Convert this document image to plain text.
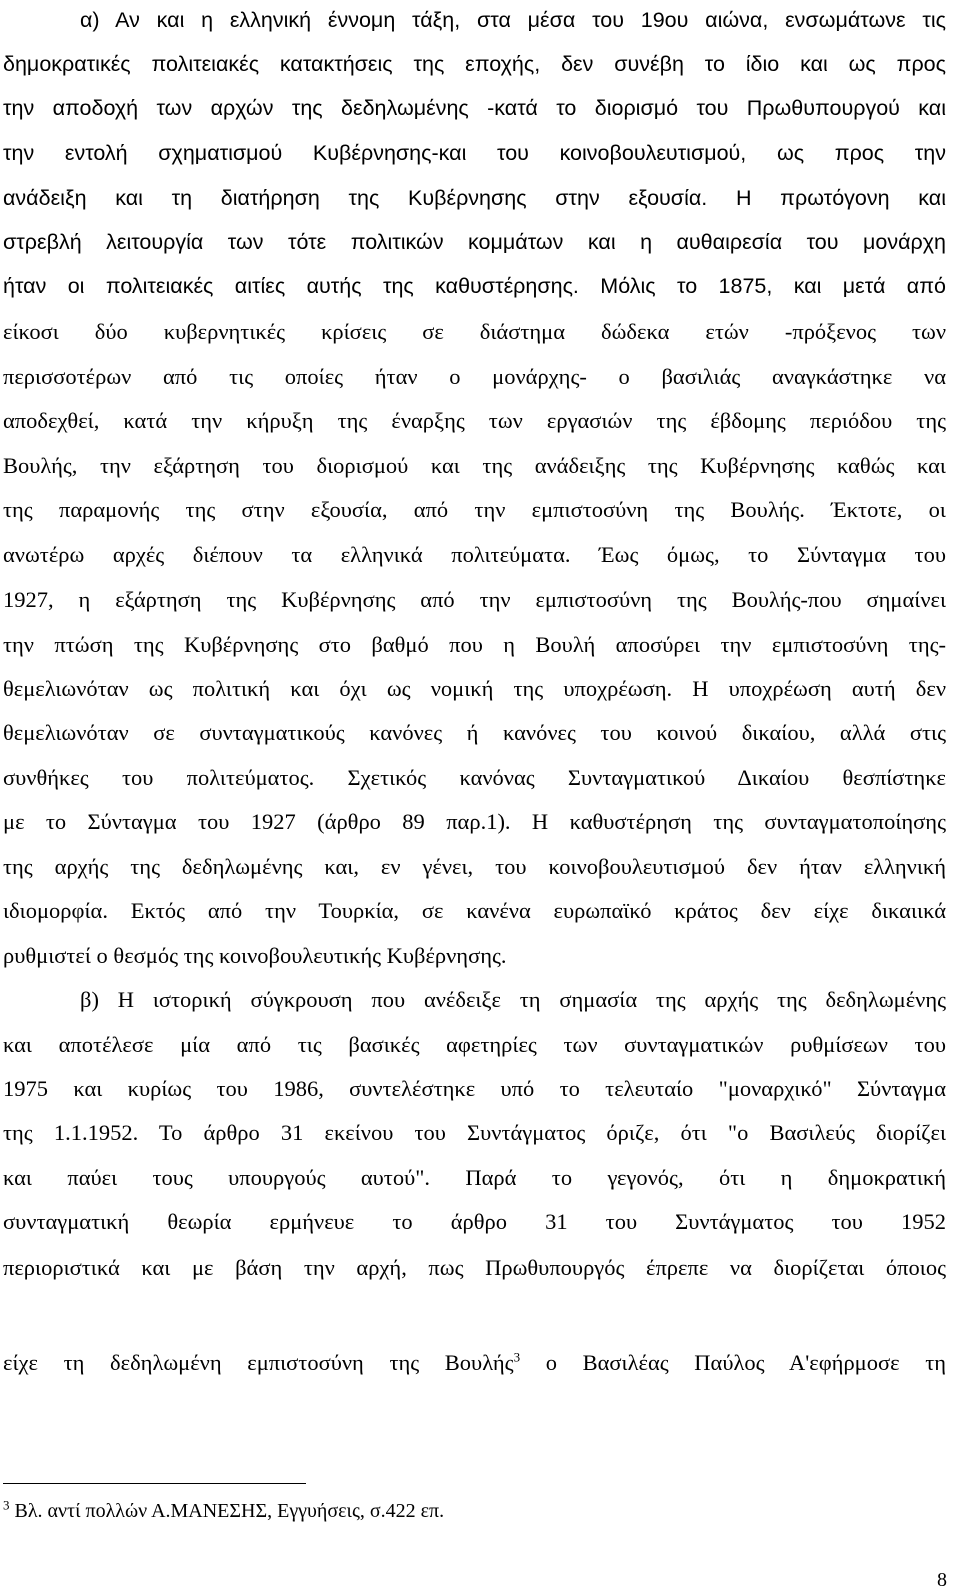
α) Αν και η ελληνική έννομη τάξη, στα μέσα του 19ου αιώνα, ενσωμάτωνε τις
δημοκρατικές πολιτειακές κατακτήσεις της εποχής, δεν συνέβη το ίδιο και ως προς
την αποδοχή των αρχών της δεδηλωμένης -κατά το διορισμό του Πρωθυπουργού και
την εντολή σχηματισμού Κυβέρνησης-και του κοινοβουλευτισμού, ως προς την
ανάδειξη και τη διατήρηση της Κυβέρνησης στην εξουσία. Η πρωτόγονη και
στρεβλή λειτουργία των τότε πολιτικών κομμάτων και η αυθαιρεσία του μονάρχη
ήταν οι πολιτειακές αιτίες αυτής της καθυστέρησης. Μόλις το 1875, και μετά από
είκοσι δύο κυβερνητικές κρίσεις σε διάστημα δώδεκα ετών -πρόξενος των
περισσοτέρων από τις οποίες ήταν ο μονάρχης- ο βασιλιάς αναγκάστηκε να
αποδεχθεί, κατά την κήρυξη της έναρξης των εργασιών της έβδομης περιόδου της
Βουλής, την εξάρτηση του διορισμού και της ανάδειξης της Κυβέρνησης καθώς και
της παραμονής της στην εξουσία, από την εμπιστοσύνη της Βουλής. Έκτοτε, οι
ανωτέρω αρχές διέπουν τα ελληνικά πολιτεύματα. Έως όμως, το Σύνταγμα του
1927, η εξάρτηση της Κυβέρνησης από την εμπιστοσύνη της Βουλής-που σημαίνει
την πτώση της Κυβέρνησης στο βαθμό που η Βουλή αποσύρει την εμπιστοσύνη της-
θεμελιωνόταν ως πολιτική και όχι ως νομική της υποχρέωση. Η υποχρέωση αυτή δεν
θεμελιωνόταν σε συνταγματικούς κανόνες ή κανόνες του κοινού δικαίου, αλλά στις
συνθήκες του πολιτεύματος. Σχετικός κανόνας Συνταγματικού Δικαίου θεσπίστηκε
με το Σύνταγμα του 1927 (άρθρο 89 παρ.1). Η καθυστέρηση της συνταγματοποίησης
της αρχής της δεδηλωμένης και, εν γένει, του κοινοβουλευτισμού δεν ήταν ελληνική
ιδιομορφία. Εκτός από την Τουρκία, σε κανένα ευρωπαϊκό κράτος δεν είχε δικαιικά
ρυθμιστεί ο θεσμός της κοινοβουλευτικής Κυβέρνησης.
β) Η ιστορική σύγκρουση που ανέδειξε τη σημασία της αρχής της δεδηλωμένης
και αποτέλεσε μία από τις βασικές αφετηρίες των συνταγματικών ρυθμίσεων του
1975 και κυρίως του 1986, συντελέστηκε υπό το τελευταίο "μοναρχικό" Σύνταγμα
της 1.1.1952. Το άρθρο 31 εκείνου του Συντάγματος όριζε, ότι "ο Βασιλεύς διορίζει
και παύει τους υπουργούς αυτού". Παρά το γεγονός, ότι η δημοκρατική
συνταγματική θεωρία ερμήνευε το άρθρο 31 του Συντάγματος του 1952
περιοριστικά και με βάση την αρχή, πως Πρωθυπουργός έπρεπε να διορίζεται όποιος
είχε τη δεδηλωμένη εμπιστοσύνη της Βουλής$^3$ ο Βασιλέας Παύλος Α'εφήρμοσε τη
$^3$ Βλ. αντί πολλών Α.ΜΑΝΕΣΗΣ, Εγγυήσεις, σ.422 επ.
8
